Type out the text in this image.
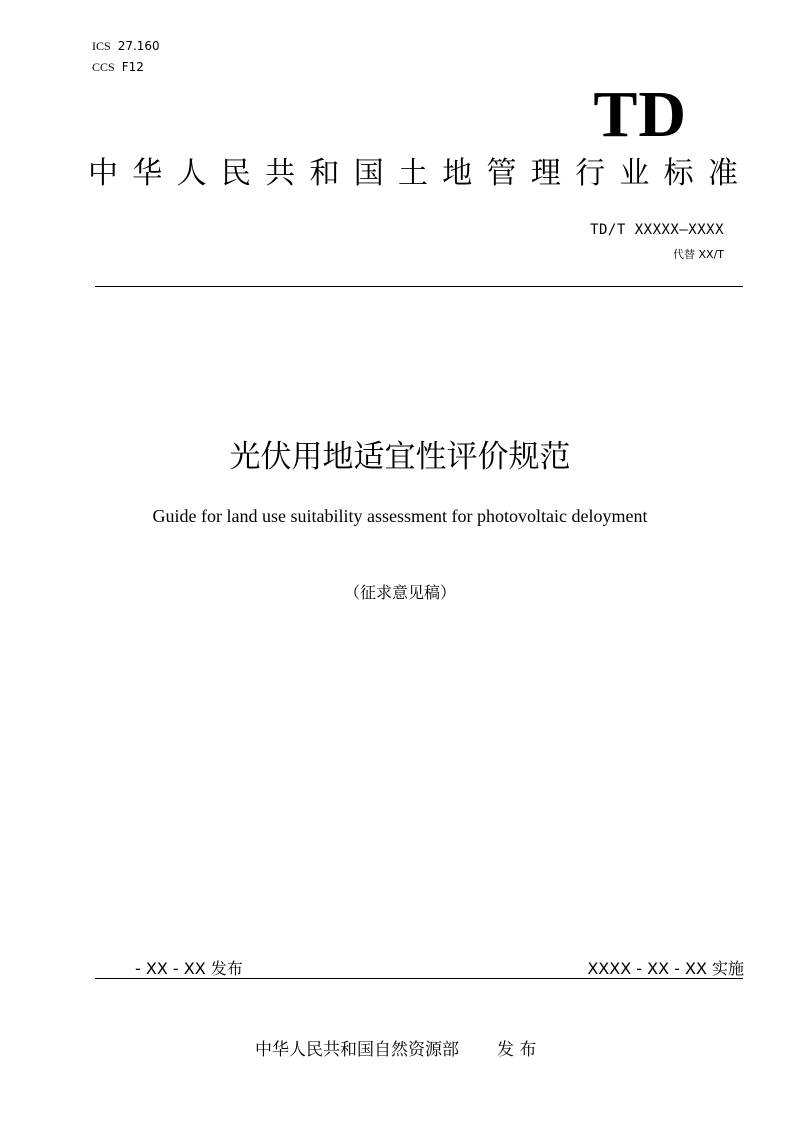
ICS 27.160
CCS F12
TD
中 华 人 民 共 和 国 土 地 管 理 行 业 标 准
TD/T XXXXX—XXXX
代替 XX/T
光伏用地适宜性评价规范
Guide for land use suitability assessment for photovoltaic deloyment
（征求意见稿）
- XX - XX 发布	XXXX - XX - XX 实施
中华人民共和国自然资源部 发 布
